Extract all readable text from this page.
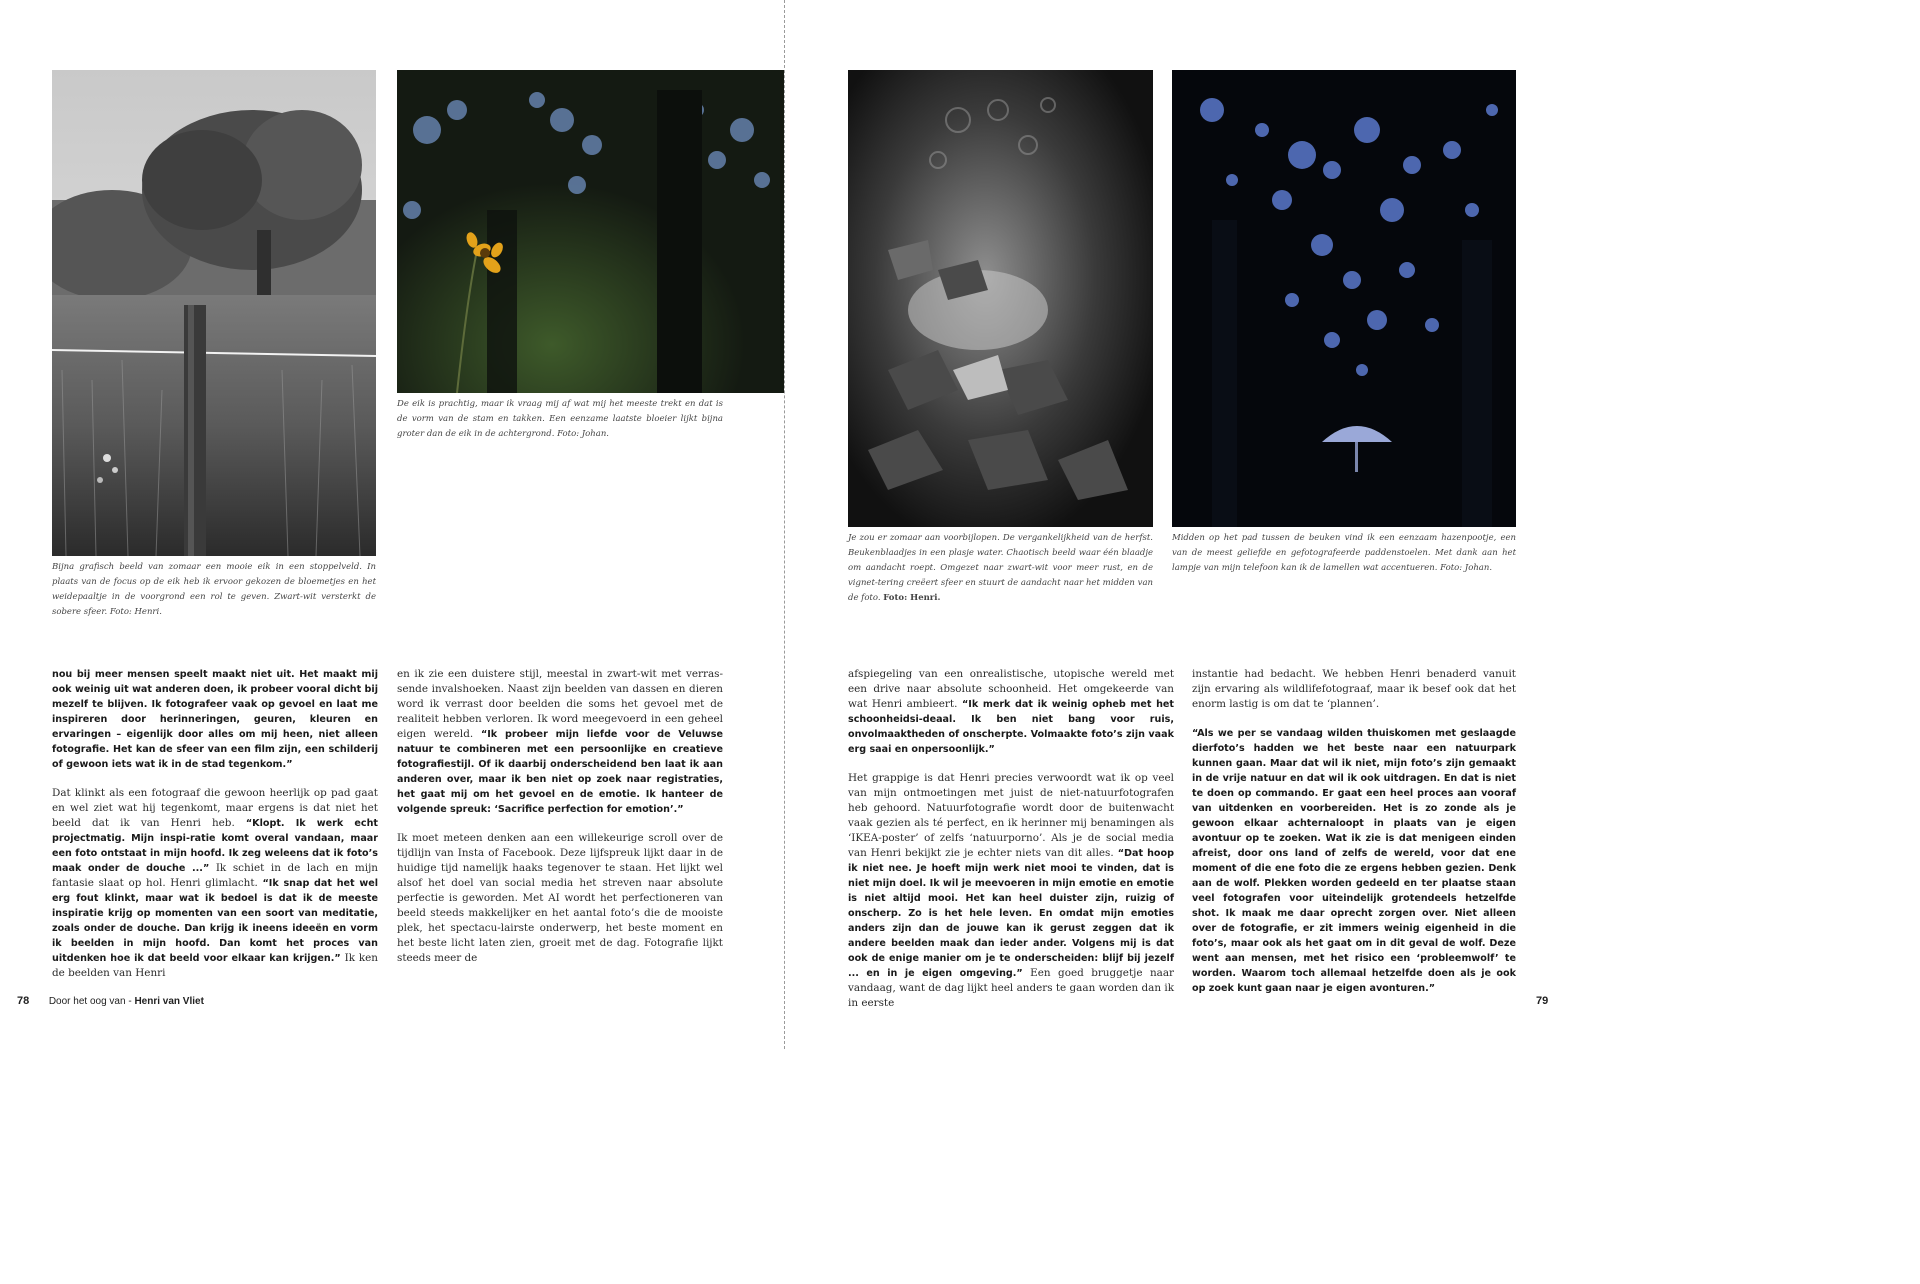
Bijna grafisch beeld van zomaar een mooie eik in een stoppelveld. In plaats van de focus op de eik heb ik ervoor gekozen de bloemetjes en het weidepaaltje in de voorgrond een rol te geven. Zwart-wit versterkt de sobere sfeer. Foto: Henri.

De eik is prachtig, maar ik vraag mij af wat mij het meeste trekt en dat is de vorm van de stam en takken. Een eenzame laatste bloeier lijkt bijna groter dan de eik in de achtergrond. Foto: Johan.

Je zou er zomaar aan voorbijlopen. De vergankelijkheid van de herfst. Beukenblaadjes in een plasje water. Chaotisch beeld waar één blaadje om aandacht roept. Omgezet naar zwart-wit voor meer rust, en de vignet-tering creëert sfeer en stuurt de aandacht naar het midden van de foto. Foto: Henri.

Midden op het pad tussen de beuken vind ik een eenzaam hazenpootje, een van de meest geliefde en gefotografeerde paddenstoelen. Met dank aan het lampje van mijn telefoon kan ik de lamellen wat accentueren. Foto: Johan.

nou bij meer mensen speelt maakt niet uit. Het maakt mij ook weinig uit wat anderen doen, ik probeer vooral dicht bij mezelf te blijven. Ik fotografeer vaak op gevoel en laat me inspireren door herinneringen, geuren, kleuren en ervaringen – eigenlijk door alles om mij heen, niet alleen fotografie. Het kan de sfeer van een film zijn, een schilderij of gewoon iets wat ik in de stad tegenkom.”

Dat klinkt als een fotograaf die gewoon heerlijk op pad gaat en wel ziet wat hij tegenkomt, maar ergens is dat niet het beeld dat ik van Henri heb. “Klopt. Ik werk echt projectmatig. Mijn inspi-ratie komt overal vandaan, maar een foto ontstaat in mijn hoofd. Ik zeg weleens dat ik foto’s maak onder de douche ...” Ik schiet in de lach en mijn fantasie slaat op hol. Henri glimlacht. “Ik snap dat het wel erg fout klinkt, maar wat ik bedoel is dat ik de meeste inspiratie krijg op momenten van een soort van meditatie, zoals onder de douche. Dan krijg ik ineens ideeën en vorm ik beelden in mijn hoofd. Dan komt het proces van uitdenken hoe ik dat beeld voor elkaar kan krijgen.” Ik ken de beelden van Henri

en ik zie een duistere stijl, meestal in zwart-wit met verras-sende invalshoeken. Naast zijn beelden van dassen en dieren word ik verrast door beelden die soms het gevoel met de realiteit hebben verloren. Ik word meegevoerd in een geheel eigen wereld. “Ik probeer mijn liefde voor de Veluwse natuur te combineren met een persoonlijke en creatieve fotografiestijl. Of ik daarbij onderscheidend ben laat ik aan anderen over, maar ik ben niet op zoek naar registraties, het gaat mij om het gevoel en de emotie. Ik hanteer de volgende spreuk: ‘Sacrifice perfection for emotion’.”

Ik moet meteen denken aan een willekeurige scroll over de tijdlijn van Insta of Facebook. Deze lijfspreuk lijkt daar in de huidige tijd namelijk haaks tegenover te staan. Het lijkt wel alsof het doel van social media het streven naar absolute perfectie is geworden. Met AI wordt het perfectioneren van beeld steeds makkelijker en het aantal foto’s die de mooiste plek, het spectacu-lairste onderwerp, het beste moment en het beste licht laten zien, groeit met de dag. Fotografie lijkt steeds meer de

afspiegeling van een onrealistische, utopische wereld met een drive naar absolute schoonheid. Het omgekeerde van wat Henri ambieert. “Ik merk dat ik weinig opheb met het schoonheidsi-deaal. Ik ben niet bang voor ruis, onvolmaaktheden of onscherpte. Volmaakte foto’s zijn vaak erg saai en onpersoonlijk.”

Het grappige is dat Henri precies verwoordt wat ik op veel van mijn ontmoetingen met juist de niet-natuurfotografen heb gehoord. Natuurfotografie wordt door de buitenwacht vaak gezien als té perfect, en ik herinner mij benamingen als ‘IKEA-poster’ of zelfs ‘natuurporno’. Als je de social media van Henri bekijkt zie je echter niets van dit alles. “Dat hoop ik niet nee. Je hoeft mijn werk niet mooi te vinden, dat is niet mijn doel. Ik wil je meevoeren in mijn emotie en emotie is niet altijd mooi. Het kan heel duister zijn, ruizig of onscherp. Zo is het hele leven. En omdat mijn emoties anders zijn dan de jouwe kan ik gerust zeggen dat ik andere beelden maak dan ieder ander. Volgens mij is dat ook de enige manier om je te onderscheiden: blijf bij jezelf ... en in je eigen omgeving.” Een goed bruggetje naar vandaag, want de dag lijkt heel anders te gaan worden dan ik in eerste

instantie had bedacht. We hebben Henri benaderd vanuit zijn ervaring als wildlifefotograaf, maar ik besef ook dat het enorm lastig is om dat te ‘plannen’.

“Als we per se vandaag wilden thuiskomen met geslaagde dierfoto’s hadden we het beste naar een natuurpark kunnen gaan. Maar dat wil ik niet, mijn foto’s zijn gemaakt in de vrije natuur en dat wil ik ook uitdragen. En dat is niet te doen op commando. Er gaat een heel proces aan vooraf van uitdenken en voorbereiden. Het is zo zonde als je gewoon elkaar achternaloopt in plaats van je eigen avontuur op te zoeken. Wat ik zie is dat menigeen einden afreist, door ons land of zelfs de wereld, voor dat ene moment of die ene foto die ze ergens hebben gezien. Denk aan de wolf. Plekken worden gedeeld en ter plaatse staan veel fotografen voor uiteindelijk grotendeels hetzelfde shot. Ik maak me daar oprecht zorgen over. Niet alleen over de fotografie, er zit immers weinig eigenheid in die foto’s, maar ook als het gaat om in dit geval de wolf. Deze went aan mensen, met het risico een ‘probleemwolf’ te worden. Waarom toch allemaal hetzelfde doen als je ook op zoek kunt gaan naar je eigen avonturen.”

78 Door het oog van - Henri van Vliet	79
